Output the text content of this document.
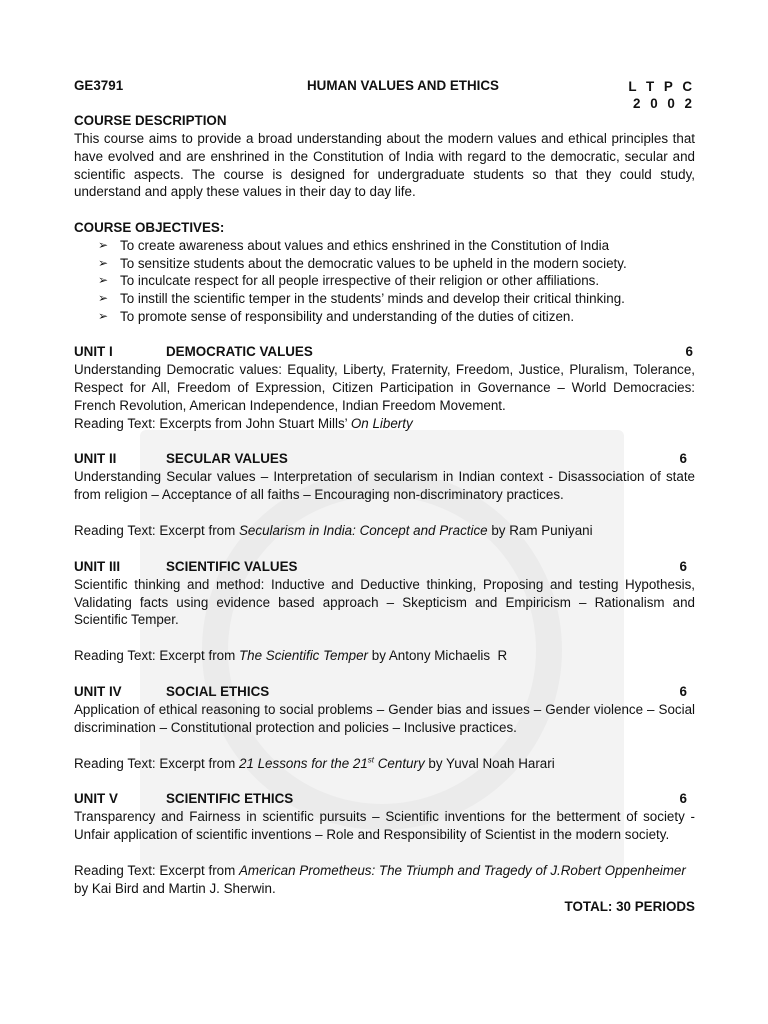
GE3791	HUMAN VALUES AND ETHICS	L T P C
2 0 0 2
COURSE DESCRIPTION

This course aims to provide a broad understanding about the modern values and ethical principles that have evolved and are enshrined in the Constitution of India with regard to the democratic, secular and scientific aspects. The course is designed for undergraduate students so that they could study, understand and apply these values in their day to day life.

COURSE OBJECTIVES:
➢ To create awareness about values and ethics enshrined in the Constitution of India
➢ To sensitize students about the democratic values to be upheld in the modern society.
➢ To inculcate respect for all people irrespective of their religion or other affiliations.
➢ To instill the scientific temper in the students’ minds and develop their critical thinking.
➢ To promote sense of responsibility and understanding of the duties of citizen.
UNIT I	DEMOCRATIC VALUES	6

Understanding Democratic values: Equality, Liberty, Fraternity, Freedom, Justice, Pluralism, Tolerance, Respect for All, Freedom of Expression, Citizen Participation in Governance – World Democracies: French Revolution, American Independence, Indian Freedom Movement.

Reading Text: Excerpts from John Stuart Mills’ On Liberty
UNIT II	SECULAR VALUES	6

Understanding Secular values – Interpretation of secularism in Indian context - Disassociation of state from religion – Acceptance of all faiths – Encouraging non-discriminatory practices.

Reading Text: Excerpt from Secularism in India: Concept and Practice by Ram Puniyani
UNIT III	SCIENTIFIC VALUES	6

Scientific thinking and method: Inductive and Deductive thinking, Proposing and testing Hypothesis, Validating facts using evidence based approach – Skepticism and Empiricism – Rationalism and Scientific Temper.

Reading Text: Excerpt from The Scientific Temper by Antony Michaelis  R
UNIT IV	SOCIAL ETHICS	6

Application of ethical reasoning to social problems – Gender bias and issues – Gender violence – Social discrimination – Constitutional protection and policies – Inclusive practices.

Reading Text: Excerpt from 21 Lessons for the 21st Century by Yuval Noah Harari
UNIT V	SCIENTIFIC ETHICS	6

Transparency and Fairness in scientific pursuits – Scientific inventions for the betterment of society - Unfair application of scientific inventions – Role and Responsibility of Scientist in the modern society.

Reading Text: Excerpt from American Prometheus: The Triumph and Tragedy of J.Robert Oppenheimer by Kai Bird and Martin J. Sherwin.
TOTAL: 30 PERIODS
